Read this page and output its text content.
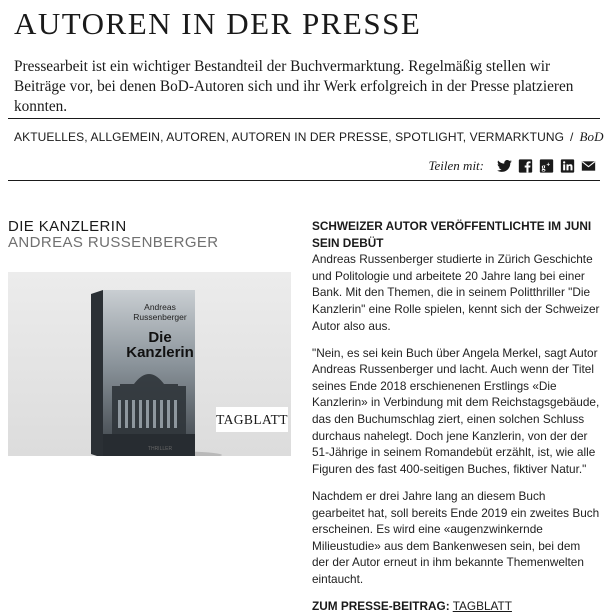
AUTOREN IN DER PRESSE

Pressearbeit ist ein wichtiger Bestandteil der Buchvermarktung. Regelmäßig stellen wir Beiträge vor, bei denen BoD-Autoren sich und ihr Werk erfolgreich in der Presse platzieren konnten.

AKTUELLES, ALLGEMEIN, AUTOREN, AUTOREN IN DER PRESSE, SPOTLIGHT, VERMARKTUNG / BoD
Teilen mit:	g +
DIE KANZLERIN
ANDREAS RUSSENBERGER
Andreas
Russenberger
Die
Kanzlerin
THRILLER
TAGBLATT
SCHWEIZER AUTOR VERÖFFENTLICHTE IM JUNI SEIN DEBÜT

Andreas Russenberger studierte in Zürich Geschichte und Politologie und arbeitete 20 Jahre lang bei einer Bank. Mit den Themen, die in seinem Politthriller "Die Kanzlerin" eine Rolle spielen, kennt sich der Schweizer Autor also aus.

"Nein, es sei kein Buch über Angela Merkel, sagt Autor Andreas Russenberger und lacht. Auch wenn der Titel seines Ende 2018 erschienenen Erstlings «Die Kanzlerin» in Verbindung mit dem Reichstagsgebäude, das den Buchumschlag ziert, einen solchen Schluss durchaus nahelegt. Doch jene Kanzlerin, von der der 51-Jährige in seinem Romandebüt erzählt, ist, wie alle Figuren des fast 400-seitigen Buches, fiktiver Natur."

Nachdem er drei Jahre lang an diesem Buch gearbeitet hat, soll bereits Ende 2019 ein zweites Buch erscheinen. Es wird eine «augenzwinkernde Milieustudie» aus dem Bankenwesen sein, bei dem der der Autor erneut in ihm bekannte Themenwelten eintaucht.

ZUM PRESSE-BEITRAG: TAGBLATT
